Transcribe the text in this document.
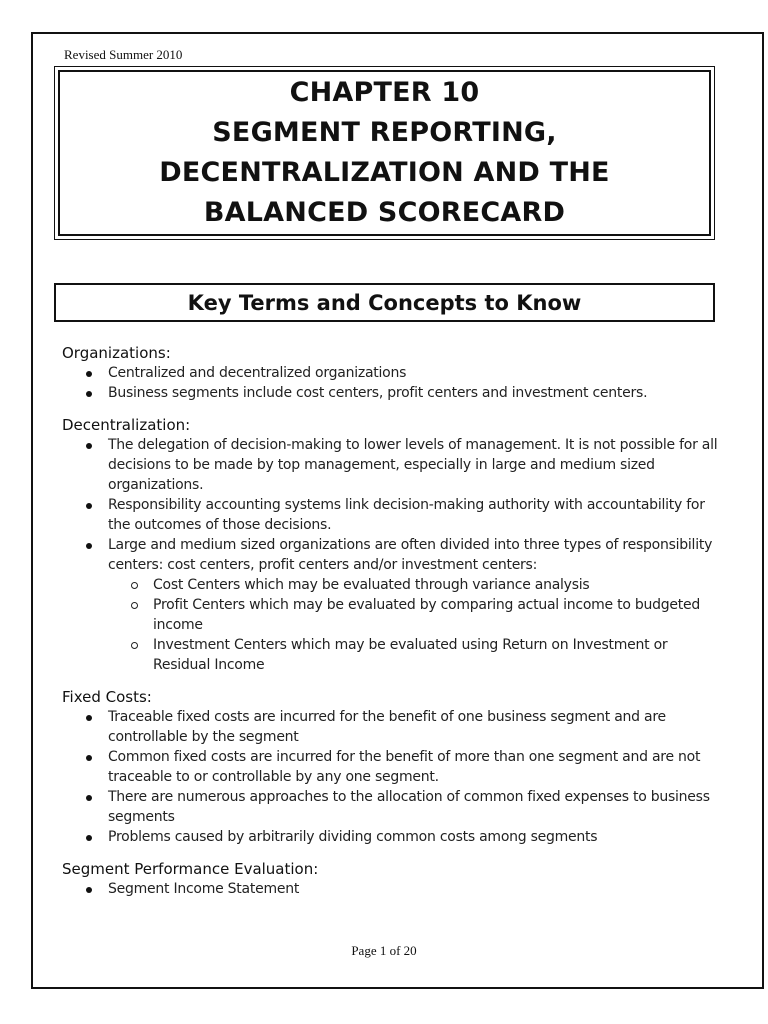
Revised Summer 2010
CHAPTER 10
SEGMENT REPORTING,
DECENTRALIZATION AND THE
BALANCED SCORECARD
Key Terms and Concepts to Know
Organizations:
Centralized and decentralized organizations
Business segments include cost centers, profit centers and investment centers.
Decentralization:
The delegation of decision-making to lower levels of management. It is not possible for all decisions to be made by top management, especially in large and medium sized organizations.
Responsibility accounting systems link decision-making authority with accountability for the outcomes of those decisions.
Large and medium sized organizations are often divided into three types of responsibility centers: cost centers, profit centers and/or investment centers:
Cost Centers which may be evaluated through variance analysis
Profit Centers which may be evaluated by comparing actual income to budgeted income
Investment Centers which may be evaluated using Return on Investment or Residual Income
Fixed Costs:
Traceable fixed costs are incurred for the benefit of one business segment and are controllable by the segment
Common fixed costs are incurred for the benefit of more than one segment and are not traceable to or controllable by any one segment.
There are numerous approaches to the allocation of common fixed expenses to business segments
Problems caused by arbitrarily dividing common costs among segments
Segment Performance Evaluation:
Segment Income Statement
Page 1 of 20
